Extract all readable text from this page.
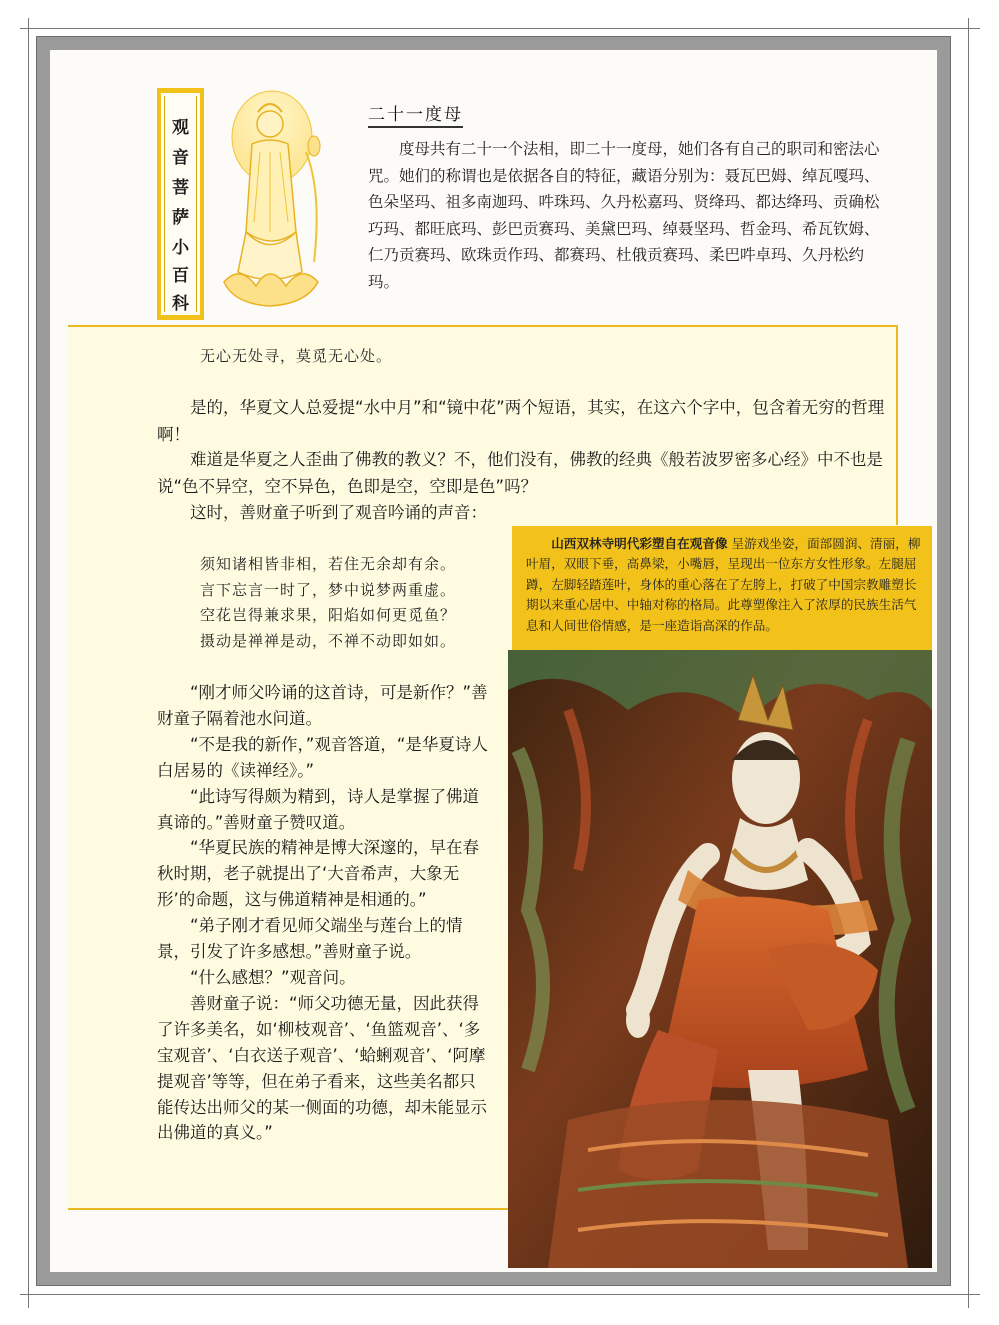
观
音
菩
萨
小
百
科
二十一度母
度母共有二十一个法相，即二十一度母，她们各有自己的职司和密法心咒。她们的称谓也是依据各自的特征，藏语分别为：聂瓦巴姆、绰瓦嘎玛、色朵坚玛、祖多南迦玛、吽珠玛、久丹松嘉玛、贤绛玛、都达绛玛、贡确松巧玛、都旺底玛、彭巴贡赛玛、美黛巴玛、绰聂坚玛、哲金玛、希瓦钦姆、仁乃贡赛玛、欧珠贡作玛、都赛玛、杜俄贡赛玛、柔巴吽卓玛、久丹松约玛。
无心无处寻，莫觅无心处。
是的，华夏文人总爱提“水中月”和“镜中花”两个短语，其实，在这六个字中，包含着无穷的哲理啊！
难道是华夏之人歪曲了佛教的教义？不，他们没有，佛教的经典《般若波罗密多心经》中不也是说“色不异空，空不异色，色即是空，空即是色”吗？
这时，善财童子听到了观音吟诵的声音：
须知诸相皆非相，若住无余却有余。
言下忘言一时了，梦中说梦两重虚。
空花岂得兼求果，阳焰如何更觅鱼？
摄动是禅禅是动，不禅不动即如如。

“刚才师父吟诵的这首诗，可是新作？”善财童子隔着池水问道。

“不是我的新作，”观音答道，“是华夏诗人白居易的《读禅经》。”

“此诗写得颇为精到，诗人是掌握了佛道真谛的。”善财童子赞叹道。

“华夏民族的精神是博大深邃的，早在春秋时期，老子就提出了‘大音希声，大象无形’的命题，这与佛道精神是相通的。”

“弟子刚才看见师父端坐与莲台上的情景，引发了许多感想。”善财童子说。

“什么感想？”观音问。

善财童子说：“师父功德无量，因此获得了许多美名，如‘柳枝观音’、‘鱼篮观音’、‘多宝观音’、‘白衣送子观音’、‘蛤蜊观音’、‘阿摩提观音’等等，但在弟子看来，这些美名都只能传达出师父的某一侧面的功德，却未能显示出佛道的真义。”

山西双林寺明代彩塑自在观音像 呈游戏坐姿，面部圆润、清丽，柳叶眉，双眼下垂，高鼻梁，小嘴唇，呈现出一位东方女性形象。左腿屈蹲，左脚轻踏莲叶，身体的重心落在了左胯上，打破了中国宗教雕塑长期以来重心居中、中轴对称的格局。此尊塑像注入了浓厚的民族生活气息和人间世俗情感，是一座造诣高深的作品。
